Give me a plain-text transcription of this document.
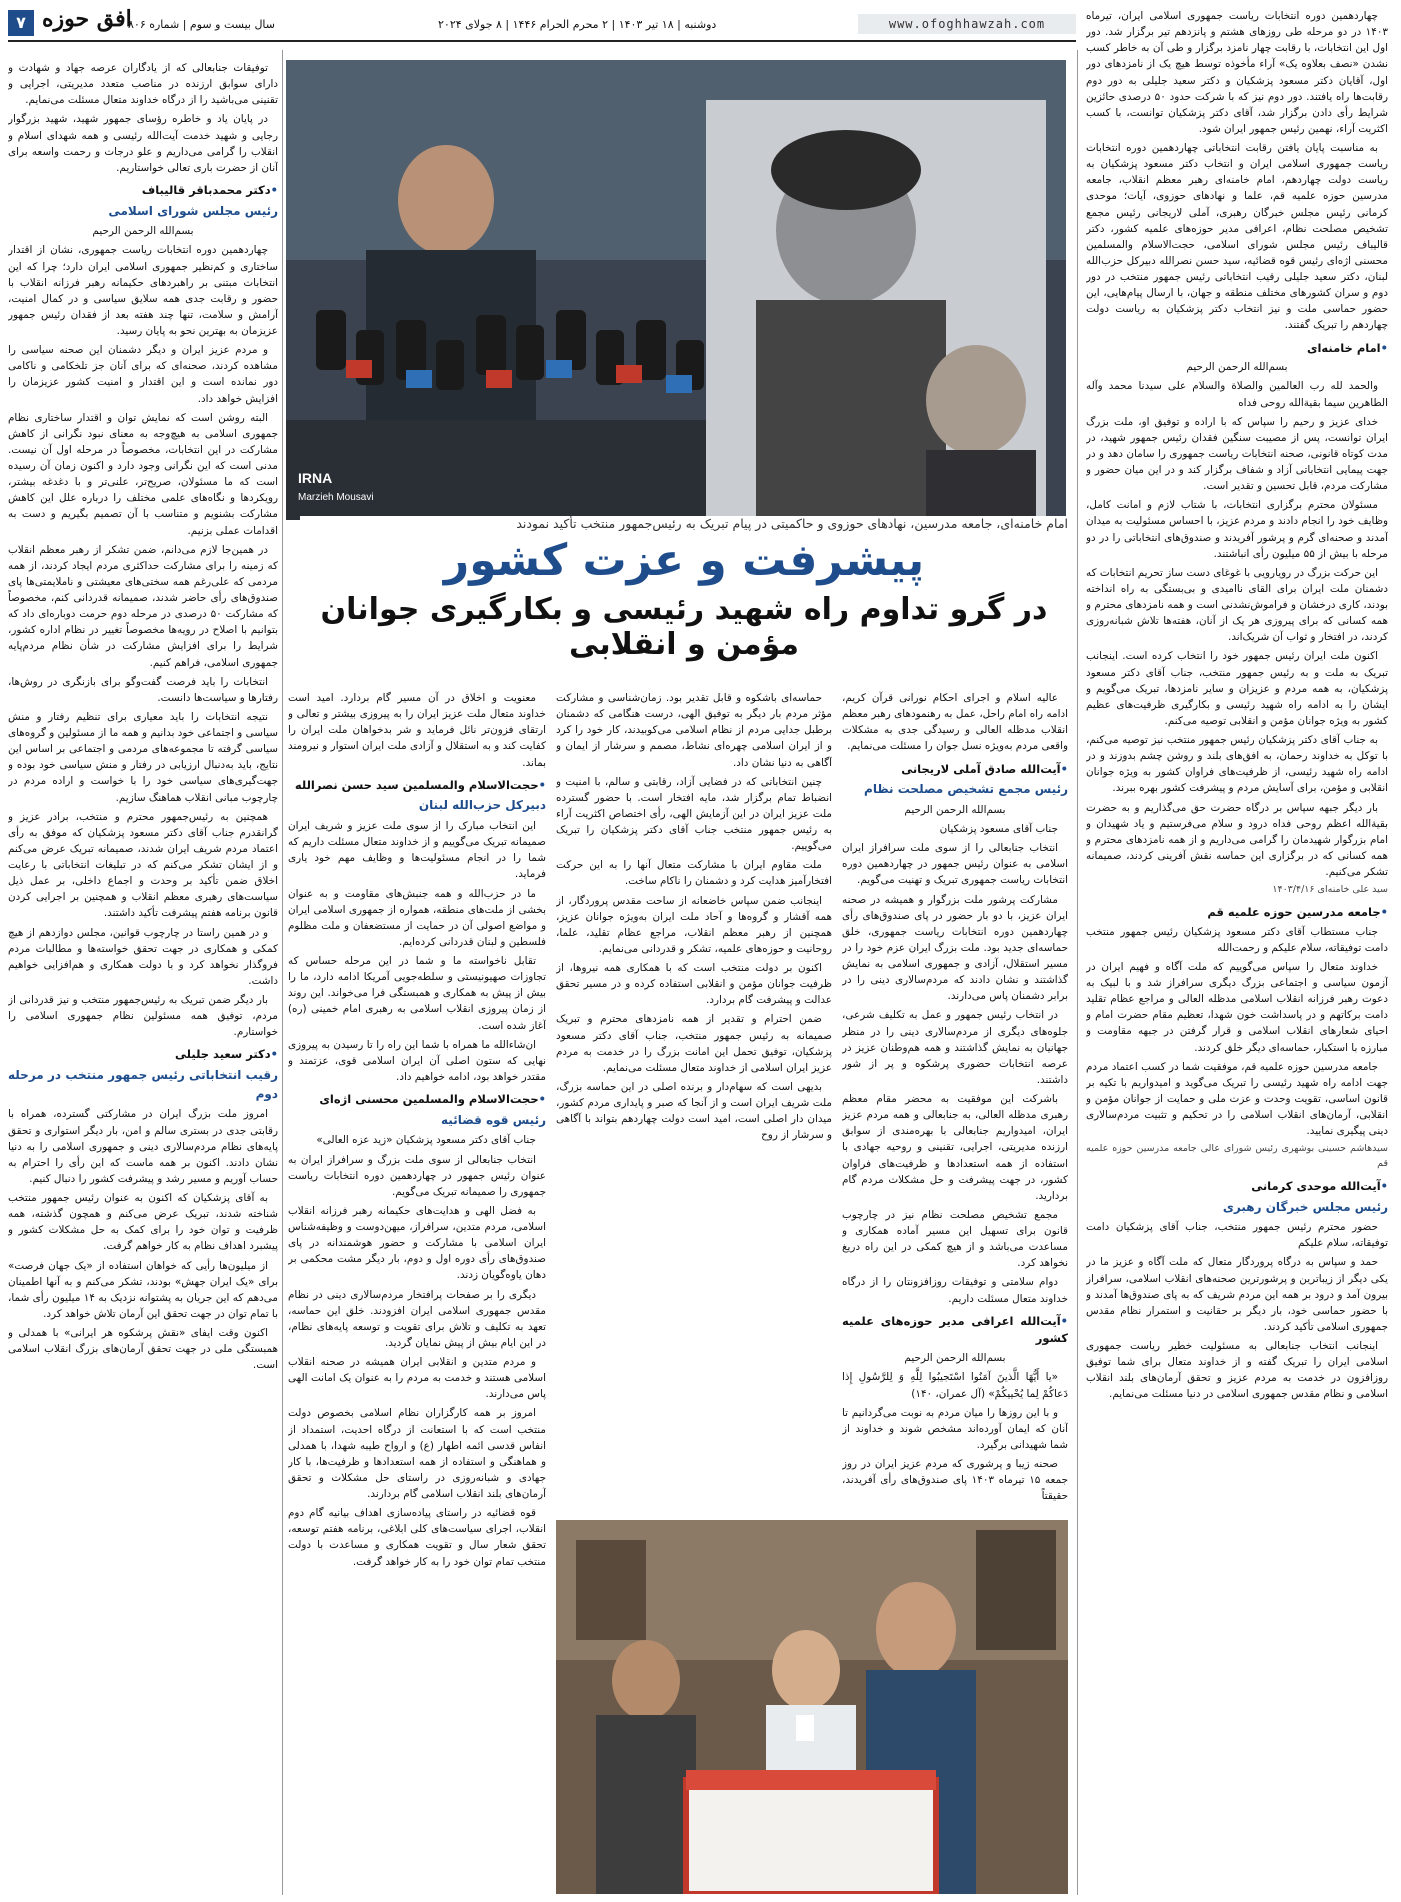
۷ افق حوزه
سال بیست و سوم | شماره ۸۰۶	دوشنبه | ۱۸ تیر ۱۴۰۳ | ۲ محرم الحرام ۱۴۴۶ | ۸ جولای ۲۰۲۴	www.ofoghhawzah.com
IRNA
Marzieh Mousavi
امام خامنه‌ای، جامعه مدرسین، نهادهای حوزوی و حاکمیتی در پیام تبریک به رئیس‌جمهور منتخب تأکید نمودند
پیشرفت و عزت کشور
در گرو تداوم راه شهید رئیسی و بکارگیری جوانان مؤمن و انقلابی

چهاردهمین دوره انتخابات ریاست جمهوری اسلامی ایران، تیرماه ۱۴۰۳ در دو مرحله طی روزهای هشتم و پانزدهم تیر برگزار شد. دور اول این انتخابات، با رقابت چهار نامزد برگزار و طی آن به خاطر کسب نشدن «نصف بعلاوه یک» آراء مأخوذه توسط هیچ یک از نامزدهای دور اول، آقایان دکتر مسعود پزشکیان و دکتر سعید جلیلی به دور دوم رقابت‌ها راه یافتند. دور دوم نیز که با شرکت حدود ۵۰ درصدی حائزین شرایط رأی دادن برگزار شد، آقای دکتر پزشکیان توانست، با کسب اکثریت آراء، نهمین رئیس جمهور ایران شود.

به مناسبت پایان یافتن رقابت انتخاباتی چهاردهمین دوره انتخابات ریاست جمهوری اسلامی ایران و انتخاب دکتر مسعود پزشکیان به ریاست دولت چهاردهم، امام خامنه‌ای رهبر معظم انقلاب، جامعه مدرسین حوزه علمیه قم، علما و نهادهای حوزوی، آیات؛ موحدی کرمانی رئیس مجلس خبرگان رهبری، آملی لاریجانی رئیس مجمع تشخیص مصلحت نظام، اعرافی مدیر حوزه‌های علمیه کشور، دکتر قالیباف رئیس مجلس شورای اسلامی، حجت‌الاسلام والمسلمین محسنی اژه‌ای رئیس قوه قضائیه، سید حسن نصرالله دبیرکل حزب‌الله لبنان، دکتر سعید جلیلی رقیب انتخاباتی رئیس جمهور منتخب در دور دوم و سران کشورهای مختلف منطقه و جهان، با ارسال پیام‌هایی، این حضور حماسی ملت و نیز انتخاب دکتر پزشکیان به ریاست دولت چهاردهم را تبریک گفتند.

• امام خامنه‌ای

بسم‌الله الرحمن الرحیم

والحمد لله رب العالمین والصلاة والسلام علی سیدنا محمد وآله الطاهرین سیما بقیة‌الله روحی فداه

خدای عزیز و رحیم را سپاس که با اراده و توفیق او، ملت بزرگ ایران توانست، پس از مصیبت سنگین فقدان رئیس جمهور شهید، در مدت کوتاه قانونی، صحنه انتخابات ریاست جمهوری را سامان دهد و در جهت پیمایی انتخاباتی آزاد و شفاف برگزار کند و در این میان حضور و مشارکت مردم، قابل تحسین و تقدیر است.

مسئولان محترم برگزاری انتخابات، با شتاب لازم و امانت کامل، وظایف خود را انجام دادند و مردم عزیز، با احساس مسئولیت به میدان آمدند و صحنه‌ای گرم و پرشور آفریدند و صندوق‌های انتخاباتی را در دو مرحله با بیش از ۵۵ میلیون رأی انباشتند.

این حرکت بزرگ در رویارویی با غوغای دست ساز تحریم انتخابات که دشمنان ملت ایران برای القای ناامیدی و بی‌بستگی به راه انداخته بودند، کاری درخشان و فراموش‌نشدنی است و همه نامزدهای محترم و همه کسانی که برای پیروزی هر یک از آنان، هفته‌ها تلاش شبانه‌روزی کردند، در افتخار و ثواب آن شریک‌اند.

اکنون ملت ایران رئیس جمهور خود را انتخاب کرده است. اینجانب تبریک به ملت و به رئیس جمهور منتخب، جناب آقای دکتر مسعود پزشکیان، به همه مردم و عزیزان و سایر نامزدها، تبریک می‌گویم و ایشان را به ادامه راه شهید رئیسی و بکارگیری ظرفیت‌های عظیم کشور به ویژه جوانان مؤمن و انقلابی توصیه می‌کنم.

به جناب آقای دکتر پزشکیان رئیس جمهور منتخب نیز توصیه می‌کنم، با توکل به خداوند رحمان، به افق‌های بلند و روشن چشم بدوزند و در ادامه راه شهید رئیسی، از ظرفیت‌های فراوان کشور به ویژه جوانان انقلابی و مؤمن، برای آسایش مردم و پیشرفت کشور بهره ببرند.

بار دیگر جبهه سپاس بر درگاه حضرت حق می‌گذاریم و به حضرت بقیةالله اعظم روحی فداه درود و سلام می‌فرستیم و یاد شهیدان و امام بزرگوار شهیدمان را گرامی می‌داریم و از همه نامزدهای محترم و همه کسانی که در برگزاری این حماسه نقش آفرینی کردند، صمیمانه تشکر می‌کنیم.

سید علی خامنه‌ای ۱۴۰۳/۴/۱۶
• جامعه مدرسین حوزه علمیه قم

جناب مستطاب آقای دکتر مسعود پزشکیان رئیس جمهور منتخب دامت توفیقاته، سلام علیکم و رحمت‌الله

خداوند متعال را سپاس می‌گوییم که ملت آگاه و فهیم ایران در آزمون سیاسی و اجتماعی بزرگ دیگری سرافراز شد و با لبیک به دعوت رهبر فرزانه انقلاب اسلامی مدظله العالی و مراجع عظام تقلید دامت برکاتهم و در پاسداشت خون شهدا، تعظیم مقام حضرت امام و احیای شعارهای انقلاب اسلامی و قرار گرفتن در جبهه مقاومت و مبارزه با استکبار، حماسه‌ای دیگر خلق کردند.

جامعه مدرسین حوزه علمیه قم، موفقیت شما در کسب اعتماد مردم جهت ادامه راه شهید رئیسی را تبریک می‌گوید و امیدواریم با تکیه بر قانون اساسی، تقویت وحدت و عزت ملی و حمایت از جوانان مؤمن و انقلابی، آرمان‌های انقلاب اسلامی را در تحکیم و تثبیت مردم‌سالاری دینی پیگیری نمایید.

سیدهاشم حسینی بوشهری رئیس شورای عالی جامعه مدرسین حوزه علمیه قم
• آیت‌الله موحدی کرمانی
رئیس مجلس خبرگان رهبری

حضور محترم رئیس جمهور منتخب، جناب آقای پزشکیان دامت توفیقاته، سلام علیکم

حمد و سپاس به درگاه پروردگار متعال که ملت آگاه و عزیز ما در یکی دیگر از زیباترین و پرشورترین صحنه‌های انقلاب اسلامی، سرافراز بیرون آمد و درود بر همه این مردم شریف که به پای صندوق‌ها آمدند و با حضور حماسی خود، بار دیگر بر حقانیت و استمرار نظام مقدس جمهوری اسلامی تأکید کردند.

اینجانب انتخاب جنابعالی به مسئولیت خطیر ریاست جمهوری اسلامی ایران را تبریک گفته و از خداوند متعال برای شما توفیق روزافزون در خدمت به مردم عزیز و تحقق آرمان‌های بلند انقلاب اسلامی و نظام مقدس جمهوری اسلامی در دنیا مسئلت می‌نمایم.

عالیه اسلام و اجرای احکام نورانی قرآن کریم، ادامه راه امام راحل، عمل به رهنمودهای رهبر معظم انقلاب مدظله العالی و رسیدگی جدی به مشکلات واقعی مردم به‌ویژه نسل جوان را مسئلت می‌نمایم.

• آیت‌الله صادق آملی لاریجانی
رئیس مجمع تشخیص مصلحت نظام

بسم‌الله الرحمن الرحیم

جناب آقای مسعود پزشکیان

انتخاب جنابعالی را از سوی ملت سرافراز ایران اسلامی به عنوان رئیس جمهور در چهاردهمین دوره انتخابات ریاست جمهوری تبریک و تهنیت می‌گویم.

مشارکت پرشور ملت بزرگوار و همیشه در صحنه ایران عزیز، با دو بار حضور در پای صندوق‌های رأی چهاردهمین دوره انتخابات ریاست جمهوری، خلق حماسه‌ای جدید بود. ملت بزرگ ایران عزم خود را در مسیر استقلال، آزادی و جمهوری اسلامی به نمایش گذاشتند و نشان دادند که مردم‌سالاری دینی را در برابر دشمنان پاس می‌دارند.

در انتخاب رئیس جمهور و عمل به تکلیف شرعی، جلوه‌های دیگری از مردم‌سالاری دینی را در منظر جهانیان به نمایش گذاشتند و همه هم‌وطنان عزیز در عرصه انتخابات حضوری پرشکوه و پر از شور داشتند.

باشرکت این موفقیت به محضر مقام معظم رهبری مدظله العالی، به جنابعالی و همه مردم عزیز ایران، امیدواریم جنابعالی با بهره‌مندی از سوابق ارزنده مدیریتی، اجرایی، تقنینی و روحیه جهادی با استفاده از همه استعدادها و ظرفیت‌های فراوان کشور، در جهت پیشرفت و حل مشکلات مردم گام بردارید.

مجمع تشخیص مصلحت نظام نیز در چارچوب قانون برای تسهیل این مسیر آماده همکاری و مساعدت می‌باشد و از هیچ کمکی در این راه دریغ نخواهد کرد.

دوام سلامتی و توفیقات روزافزونتان را از درگاه خداوند متعال مسئلت داریم.

• آیت‌الله اعرافی مدیر حوزه‌های علمیه کشور

بسم‌الله الرحمن الرحیم

«یا أَیُّهَا الَّذینَ آمَنُوا اسْتَجیبُوا لِلَّهِ وَ لِلرَّسُولِ إِذا دَعاکُمْ لِما یُحْییکُمْ» (آل عمران، ۱۴۰)

و با این روزها را میان مردم به نوبت می‌گردانیم تا آنان که ایمان آورده‌اند مشخص شوند و خداوند از شما شهیدانی برگیرد.

صحنه زیبا و پرشوری که مردم عزیز ایران در روز جمعه ۱۵ تیرماه ۱۴۰۳ پای صندوق‌های رأی آفریدند، حقیقتاً

حماسه‌ای باشکوه و قابل تقدیر بود. زمان‌شناسی و مشارکت مؤثر مردم بار دیگر به توفیق الهی، درست هنگامی که دشمنان برطبل جدایی مردم از نظام اسلامی می‌کوبیدند، کار خود را کرد و از ایران اسلامی چهره‌ای نشاط، مصمم و سرشار از ایمان و آگاهی به دنیا نشان داد.

چنین انتخاباتی که در فضایی آزاد، رقابتی و سالم، با امنیت و انضباط تمام برگزار شد، مایه افتخار است. با حضور گسترده ملت عزیز ایران در این آزمایش الهی، رأی اختصاص اکثریت آراء به رئیس جمهور منتخب جناب آقای دکتر پزشکیان را تبریک می‌گوییم.

ملت مقاوم ایران با مشارکت متعال آنها را به این حرکت افتخارآمیز هدایت کرد و دشمنان را ناکام ساخت.

اینجانب ضمن سپاس خاضعانه از ساحت مقدس پروردگار، از همه آقشار و گروه‌ها و آحاد ملت ایران به‌ویژه جوانان عزیز، همچنین از رهبر معظم انقلاب، مراجع عظام تقلید، علما، روحانیت و حوزه‌های علمیه، تشکر و قدردانی می‌نمایم.

اکنون بر دولت منتخب است که با همکاری همه نیروها، از ظرفیت جوانان مؤمن و انقلابی استفاده کرده و در مسیر تحقق عدالت و پیشرفت گام بردارد.

ضمن احترام و تقدیر از همه نامزدهای محترم و تبریک صمیمانه به رئیس جمهور منتخب، جناب آقای دکتر مسعود پزشکیان، توفیق تحمل این امانت بزرگ را در خدمت به مردم عزیز ایران اسلامی از خداوند متعال مسئلت می‌نمایم.

بدیهی است که سهام‌دار و برنده اصلی در این حماسه بزرگ، ملت شریف ایران است و از آنجا که صبر و پایداری مردم کشور، میدان دار اصلی است، امید است دولت چهاردهم بتواند با آگاهی و سرشار از روح

معنویت و اخلاق در آن مسیر گام بردارد. امید است خداوند متعال ملت عزیز ایران را به پیروزی بیشتر و تعالی و ارتقای فزون‌تر نائل فرماید و شر بدخواهان ملت ایران را کفایت کند و به استقلال و آزادی ملت ایران استوار و نیرومند بماند.

• حجت‌الاسلام والمسلمین سید حسن نصرالله
دبیرکل حزب‌الله لبنان

این انتخاب مبارک را از سوی ملت عزیز و شریف ایران صمیمانه تبریک می‌گوییم و از خداوند متعال مسئلت داریم که شما را در انجام مسئولیت‌ها و وظایف مهم خود یاری فرماید.

ما در حزب‌الله و همه جنبش‌های مقاومت و به عنوان بخشی از ملت‌های منطقه، همواره از جمهوری اسلامی ایران و مواضع اصولی آن در حمایت از مستضعفان و ملت مظلوم فلسطین و لبنان قدردانی کرده‌ایم.

تقابل ناخواسته ما و شما در این مرحله حساس که تجاوزات صهیونیستی و سلطه‌جویی آمریکا ادامه دارد، ما را بیش از پیش به همکاری و همبستگی فرا می‌خواند. این روند از زمان پیروزی انقلاب اسلامی به رهبری امام خمینی (ره) آغاز شده است.

ان‌شاءالله ما همراه با شما این راه را تا رسیدن به پیروزی نهایی که ستون اصلی آن ایران اسلامی قوی، عزتمند و مقتدر خواهد بود، ادامه خواهیم داد.

• حجت‌الاسلام والمسلمین محسنی اژه‌ای
رئیس قوه قضائیه

جناب آقای دکتر مسعود پزشکیان «زید عزه العالی»

انتخاب جنابعالی از سوی ملت بزرگ و سرافراز ایران به عنوان رئیس جمهور در چهاردهمین دوره انتخابات ریاست جمهوری را صمیمانه تبریک می‌گویم.

به فضل الهی و هدایت‌های حکیمانه رهبر فرزانه انقلاب اسلامی، مردم متدین، سرافراز، میهن‌دوست و وظیفه‌شناس ایران اسلامی با مشارکت و حضور هوشمندانه در پای صندوق‌های رأی دوره اول و دوم، بار دیگر مشت محکمی بر دهان یاوه‌گویان زدند.

دیگری را بر صفحات پرافتخار مردم‌سالاری دینی در نظام مقدس جمهوری اسلامی ایران افزودند. خلق این حماسه، تعهد به تکلیف و تلاش برای تقویت و توسعه پایه‌های نظام، در این ایام بیش از پیش نمایان گردید.

و مردم متدین و انقلابی ایران همیشه در صحنه انقلاب اسلامی هستند و خدمت به مردم را به عنوان یک امانت الهی پاس می‌دارند.

امروز بر همه کارگزاران نظام اسلامی بخصوص دولت منتخب است که با استعانت از درگاه احدیت، استمداد از انفاس قدسی ائمه اطهار (ع) و ارواح طیبه شهدا، با همدلی و هماهنگی و استفاده از همه استعدادها و ظرفیت‌ها، با کار جهادی و شبانه‌روزی در راستای حل مشکلات و تحقق آرمان‌های بلند انقلاب اسلامی گام بردارند.

قوه قضائیه در راستای پیاده‌سازی اهداف بیانیه گام دوم انقلاب، اجرای سیاست‌های کلی ابلاغی، برنامه هفتم توسعه، تحقق شعار سال و تقویت همکاری و مساعدت با دولت منتخب تمام توان خود را به کار خواهد گرفت.

توفیقات جنابعالی که از یادگاران عرصه جهاد و شهادت و دارای سوابق ارزنده در مناصب متعدد مدیریتی، اجرایی و تقنینی می‌باشید را از درگاه خداوند متعال مسئلت می‌نمایم.

در پایان یاد و خاطره رؤسای جمهور شهید، شهید بزرگوار رجایی و شهید خدمت آیت‌الله رئیسی و همه شهدای اسلام و انقلاب را گرامی می‌داریم و علو درجات و رحمت واسعه برای آنان از حضرت باری تعالی خواستاریم.

• دکتر محمدباقر قالیباف
رئیس مجلس شورای اسلامی

بسم‌الله الرحمن الرحیم

چهاردهمین دوره انتخابات ریاست جمهوری، نشان از اقتدار ساختاری و کم‌نظیر جمهوری اسلامی ایران دارد؛ چرا که این انتخابات مبتنی بر راهبردهای حکیمانه رهبر فرزانه انقلاب با حضور و رقابت جدی همه سلایق سیاسی و در کمال امنیت، آرامش و سلامت، تنها چند هفته بعد از فقدان رئیس جمهور عزیزمان به بهترین نحو به پایان رسید.

و مردم عزیز ایران و دیگر دشمنان این صحنه سیاسی را مشاهده کردند، صحنه‌ای که برای آنان جز تلخکامی و ناکامی دور نمانده است و این اقتدار و امنیت کشور عزیزمان را افزایش خواهد داد.

البته روشن است که نمایش توان و اقتدار ساختاری نظام جمهوری اسلامی به هیچ‌وجه به معنای نبود نگرانی از کاهش مشارکت در این انتخابات، مخصوصاً در مرحله اول آن نیست. مدنی است که این نگرانی وجود دارد و اکنون زمان آن رسیده است که ما مسئولان، صریح‌تر، علنی‌تر و با دغدغه بیشتر، رویکردها و نگاه‌های علمی مختلف را درباره علل این کاهش مشارکت بشنویم و متناسب با آن تصمیم بگیریم و دست به اقدامات عملی بزنیم.

در همین‌جا لازم می‌دانم، ضمن تشکر از رهبر معظم انقلاب که زمینه را برای مشارکت حداکثری مردم ایجاد کردند، از همه مردمی که علی‌رغم همه سختی‌های معیشتی و ناملایمتی‌ها پای صندوق‌های رأی حاضر شدند، صمیمانه قدردانی کنم، مخصوصاً که مشارکت ۵۰ درصدی در مرحله دوم حرمت دوباره‌ای داد که بتوانیم با اصلاح در رویه‌ها مخصوصاً تغییر در نظام اداره کشور، شرایط را برای افزایش مشارکت در شأن نظام مردم‌پایه جمهوری اسلامی، فراهم کنیم.

انتخابات را باید فرصت گفت‌وگو برای بازنگری در روش‌ها، رفتارها و سیاست‌ها دانست.

نتیجه انتخابات را باید معیاری برای تنظیم رفتار و منش سیاسی و اجتماعی خود بدانیم و همه ما از مسئولین و گروه‌های سیاسی گرفته تا مجموعه‌های مردمی و اجتماعی بر اساس این نتایج، باید به‌دنبال ارزیابی در رفتار و منش سیاسی خود بوده و جهت‌گیری‌های سیاسی خود را با خواست و اراده مردم در چارچوب مبانی انقلاب هماهنگ سازیم.

همچنین به رئیس‌جمهور محترم و منتخب، برادر عزیز و گرانقدرم جناب آقای دکتر مسعود پزشکیان که موفق به رأی اعتماد مردم شریف ایران شدند، صمیمانه تبریک عرض می‌کنم و از ایشان تشکر می‌کنم که در تبلیغات انتخاباتی با رعایت اخلاق ضمن تأکید بر وحدت و اجماع داخلی، بر عمل ذیل سیاست‌های رهبری معظم انقلاب و همچنین بر اجرایی کردن قانون برنامه هفتم پیشرفت تأکید داشتند.

و در همین راستا در چارچوب قوانین، مجلس دوازدهم از هیچ کمکی و همکاری در جهت تحقق خواسته‌ها و مطالبات مردم فروگذار نخواهد کرد و با دولت همکاری و هم‌افزایی خواهیم داشت.

بار دیگر ضمن تبریک به رئیس‌جمهور منتخب و نیز قدردانی از مردم، توفیق همه مسئولین نظام جمهوری اسلامی را خواستارم.

• دکتر سعید جلیلی
رقیب انتخاباتی رئیس جمهور منتخب در مرحله دوم

امروز ملت بزرگ ایران در مشارکتی گسترده، همراه با رقابتی جدی در بستری سالم و امن، بار دیگر استواری و تحقق پایه‌های نظام مردم‌سالاری دینی و جمهوری اسلامی را به دنیا نشان دادند. اکنون بر همه ماست که این رأی را احترام به حساب آوریم و مسیر رشد و پیشرفت کشور را دنبال کنیم.

به آقای پزشکیان که اکنون به عنوان رئیس جمهور منتخب شناخته شدند، تبریک عرض می‌کنم و همچون گذشته، همه ظرفیت و توان خود را برای کمک به حل مشکلات کشور و پیشبرد اهداف نظام به کار خواهم گرفت.

از میلیون‌ها رأیی که خواهان استفاده از «یک جهان فرصت» برای «یک ایران جهش» بودند، تشکر می‌کنم و به آنها اطمینان می‌دهم که این جریان به پشتوانه نزدیک به ۱۴ میلیون رأی شما، با تمام توان در جهت تحقق این آرمان تلاش خواهد کرد.

اکنون وقت ایفای «نقش پرشکوه هر ایرانی» با همدلی و همبستگی ملی در جهت تحقق آرمان‌های بزرگ انقلاب اسلامی است.
